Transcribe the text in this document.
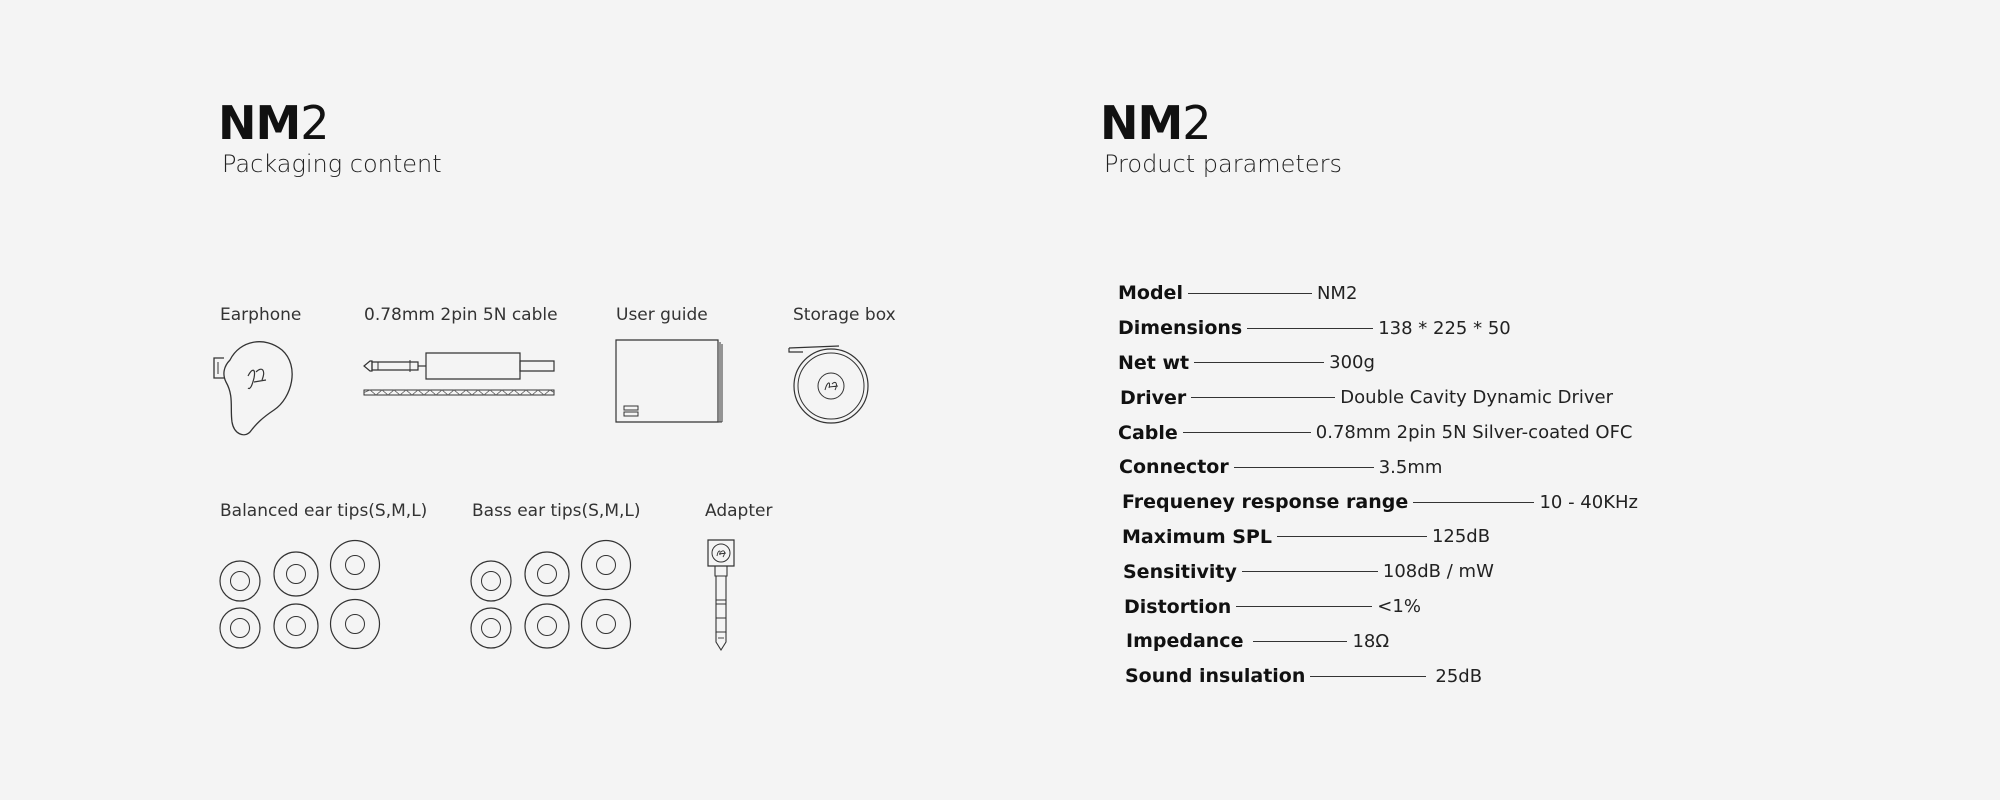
NM2
Packaging content
Earphone	0.78mm 2pin 5N cable	User guide	Storage box
Balanced ear tips(S,M,L)	Bass ear tips(S,M,L)	Adapter
NM2
Product parameters
Model	NM2
Dimensions	138 * 225 * 50
Net wt	300g
Driver	Double Cavity Dynamic Driver
Cable	0.78mm 2pin 5N Silver-coated OFC
Connector	3.5mm
Frequeney response range	10 - 40KHz
Maximum SPL	125dB
Sensitivity	108dB / mW
Distortion	<1%
Impedance	18Ω
Sound insulation	25dB
